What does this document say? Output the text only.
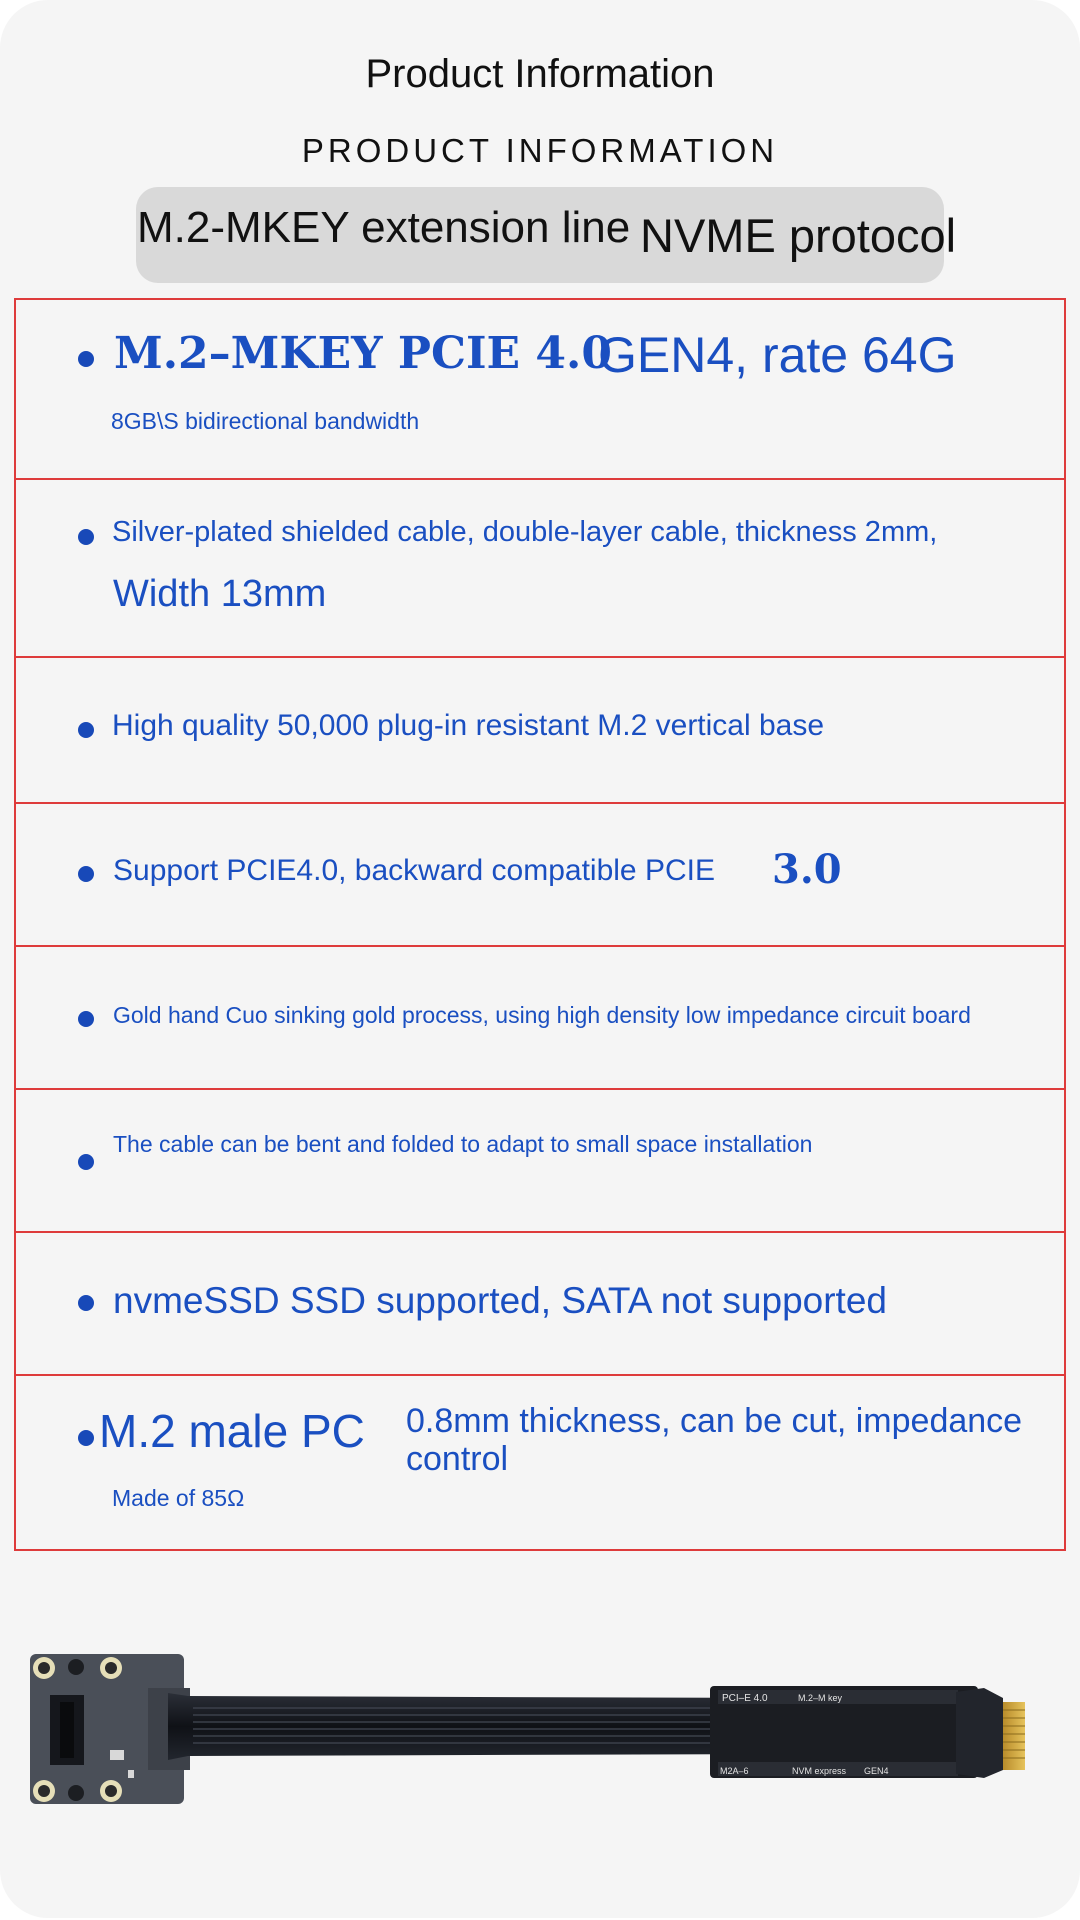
Product Information
PRODUCT INFORMATION
M.2-MKEY extension line NVME protocol
M.2–MKEY PCIE 4.0
GEN4, rate 64G
8GB\S bidirectional bandwidth
Silver-plated shielded cable, double-layer cable, thickness 2mm,
Width 13mm
High quality 50,000 plug-in resistant M.2 vertical base
Support PCIE4.0, backward compatible PCIE 3.0
Gold hand Cuo sinking gold process, using high density low impedance circuit board
The cable can be bent and folded to adapt to small space installation
nvmeSSD SSD supported, SATA not supported
M.2 male PC 0.8mm thickness, can be cut, impedance
control
Made of 85Ω
PCI–E 4.0	M.2–M key
M2A–6	NVM express GEN4
